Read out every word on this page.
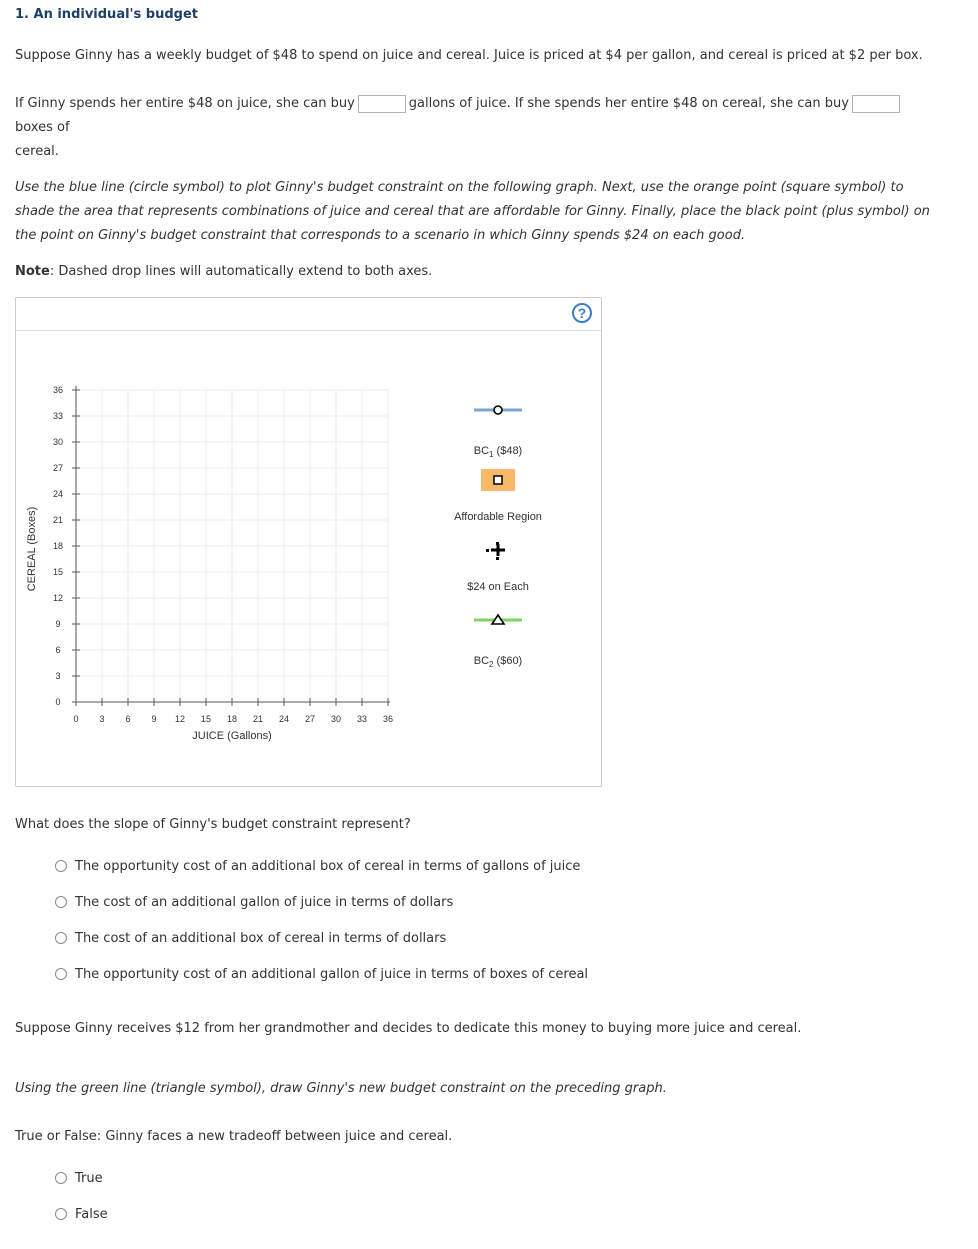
1. An individual's budget
Suppose Ginny has a weekly budget of $48 to spend on juice and cereal. Juice is priced at $4 per gallon, and cereal is priced at $2 per box.
If Ginny spends her entire $48 on juice, she can buy	gallons of juice. If she spends her entire $48 on cereal, she can buyboxes of
cereal.
Use the blue line (circle symbol) to plot Ginny's budget constraint on the following graph. Next, use the orange point (square symbol) to shade the area that represents combinations of juice and cereal that are affordable for Ginny. Finally, place the black point (plus symbol) on the point on Ginny's budget constraint that corresponds to a scenario in which Ginny spends $24 on each good.
Note: Dashed drop lines will automatically extend to both axes.
?
0
0
3
3
6
6
9
9
12
12
15
15
18
18
21
21
24
24
27
27
30
30
33
33
36
36
CEREAL (Boxes)
JUICE (Gallons)
$BC_1$ ($48)
Affordable Region
$24 on Each
$BC_2$ ($60)
What does the slope of Ginny's budget constraint represent?
The opportunity cost of an additional box of cereal in terms of gallons of juice
The cost of an additional gallon of juice in terms of dollars
The cost of an additional box of cereal in terms of dollars
The opportunity cost of an additional gallon of juice in terms of boxes of cereal
Suppose Ginny receives $12 from her grandmother and decides to dedicate this money to buying more juice and cereal.
Using the green line (triangle symbol), draw Ginny's new budget constraint on the preceding graph.
True or False: Ginny faces a new tradeoff between juice and cereal.
True
False
